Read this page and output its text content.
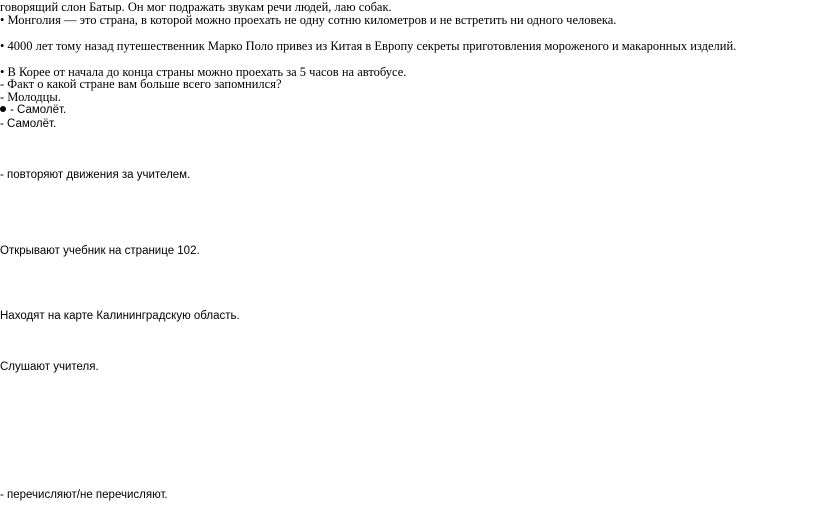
говорящий слон Батыр. Он мог подражать звукам речи людей, лаю собак.
• Монголия — это страна, в которой можно проехать не одну сотню километров и не встретить ни одного человека.
• 4000 лет тому назад путешественник Марко Поло привез из Китая в Европу секреты приготовления мороженого и макаронных изделий.
• В Корее от начала до конца страны можно проехать за 5 часов на автобусе.
- Факт о какой стране вам больше всего запомнился?
- Молодцы.
- Самолёт.
- Самолёт.
- повторяют движения за учителем.
Открывают учебник на странице 102.
Находят на карте Калининградскую область.
Слушают учителя.
- перечисляют/не перечисляют.
